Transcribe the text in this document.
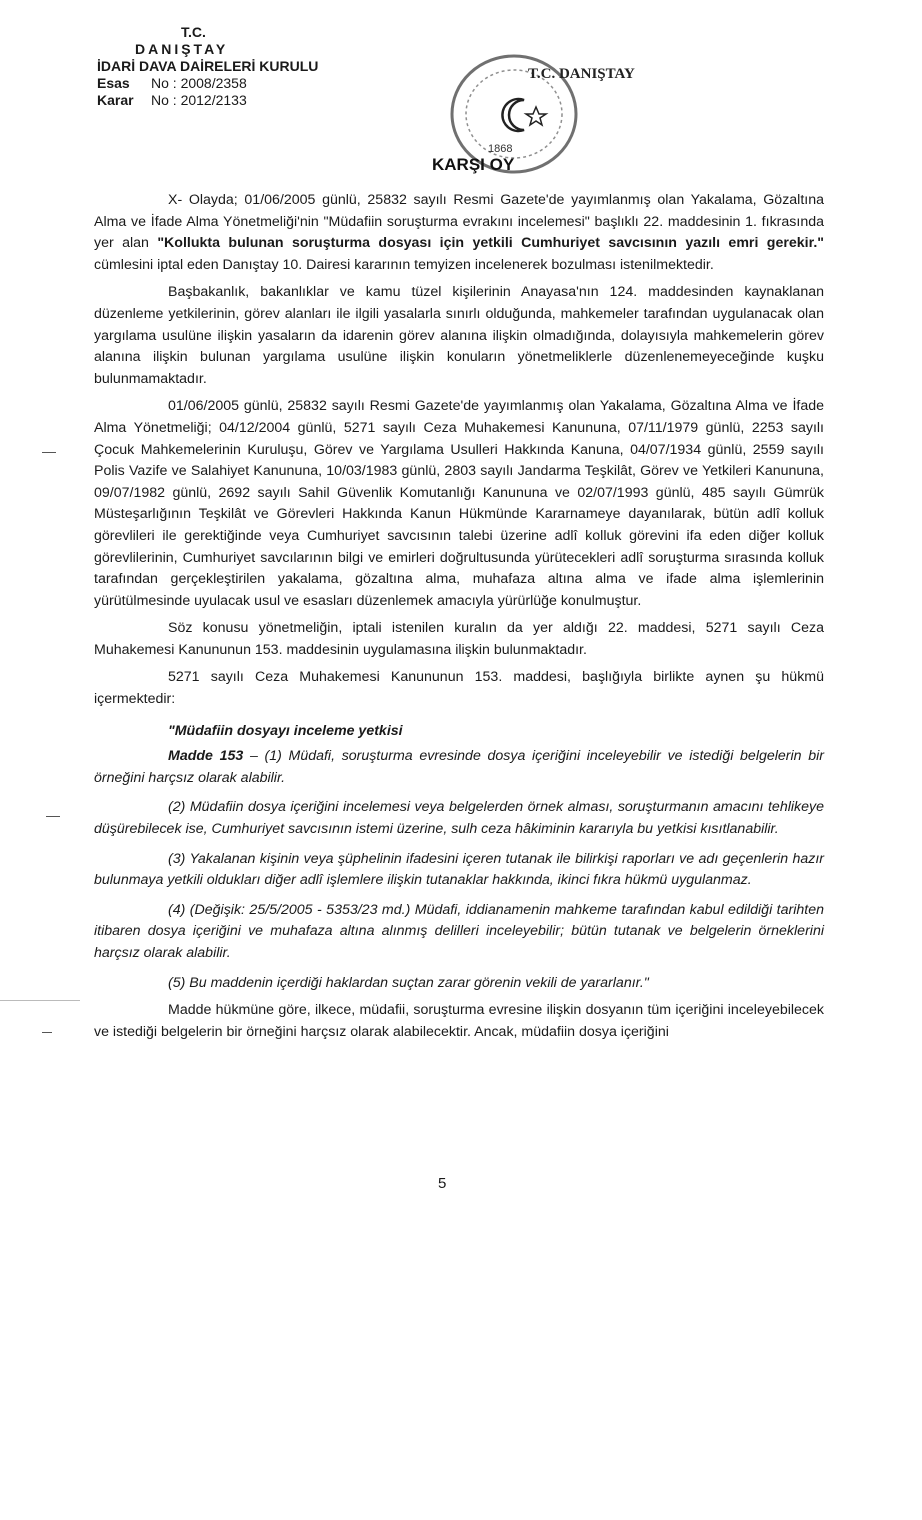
T.C.
DANIŞTAY
İDARİ DAVA DAİRELERİ KURULU
Esas	No : 2008/2358
Karar	No : 2012/2133
T.C. DANIŞTAY
1868
KARŞI OY

X- Olayda; 01/06/2005 günlü, 25832 sayılı Resmi Gazete'de yayımlanmış olan Yakalama, Gözaltına Alma ve İfade Alma Yönetmeliği'nin "Müdafiin soruşturma evrakını incelemesi" başlıklı 22. maddesinin 1. fıkrasında yer alan "Kollukta bulunan soruşturma dosyası için yetkili Cumhuriyet savcısının yazılı emri gerekir." cümlesini iptal eden Danıştay 10. Dairesi kararının temyizen incelenerek bozulması istenilmektedir.

Başbakanlık, bakanlıklar ve kamu tüzel kişilerinin Anayasa'nın 124. maddesinden kaynaklanan düzenleme yetkilerinin, görev alanları ile ilgili yasalarla sınırlı olduğunda, mahkemeler tarafından uygulanacak olan yargılama usulüne ilişkin yasaların da idarenin görev alanına ilişkin olmadığında, dolayısıyla mahkemelerin görev alanına ilişkin bulunan yargılama usulüne ilişkin konuların yönetmeliklerle düzenlenemeyeceğinde kuşku bulunmamaktadır.

01/06/2005 günlü, 25832 sayılı Resmi Gazete'de yayımlanmış olan Yakalama, Gözaltına Alma ve İfade Alma Yönetmeliği; 04/12/2004 günlü, 5271 sayılı Ceza Muhakemesi Kanununa, 07/11/1979 günlü, 2253 sayılı Çocuk Mahkemelerinin Kuruluşu, Görev ve Yargılama Usulleri Hakkında Kanuna, 04/07/1934 günlü, 2559 sayılı Polis Vazife ve Salahiyet Kanununa, 10/03/1983 günlü, 2803 sayılı Jandarma Teşkilât, Görev ve Yetkileri Kanununa, 09/07/1982 günlü, 2692 sayılı Sahil Güvenlik Komutanlığı Kanununa ve 02/07/1993 günlü, 485 sayılı Gümrük Müsteşarlığının Teşkilât ve Görevleri Hakkında Kanun Hükmünde Kararnameye dayanılarak, bütün adlî kolluk görevlileri ile gerektiğinde veya Cumhuriyet savcısının talebi üzerine adlî kolluk görevini ifa eden diğer kolluk görevlilerinin, Cumhuriyet savcılarının bilgi ve emirleri doğrultusunda yürütecekleri adlî soruşturma sırasında kolluk tarafından gerçekleştirilen yakalama, gözaltına alma, muhafaza altına alma ve ifade alma işlemlerinin yürütülmesinde uyulacak usul ve esasları düzenlemek amacıyla yürürlüğe konulmuştur.

Söz konusu yönetmeliğin, iptali istenilen kuralın da yer aldığı 22. maddesi, 5271 sayılı Ceza Muhakemesi Kanununun 153. maddesinin uygulamasına ilişkin bulunmaktadır.

5271 sayılı Ceza Muhakemesi Kanununun 153. maddesi, başlığıyla birlikte aynen şu hükmü içermektedir:

"Müdafiin dosyayı inceleme yetkisi

Madde 153 – (1) Müdafi, soruşturma evresinde dosya içeriğini inceleyebilir ve istediği belgelerin bir örneğini harçsız olarak alabilir.

(2) Müdafiin dosya içeriğini incelemesi veya belgelerden örnek alması, soruşturmanın amacını tehlikeye düşürebilecek ise, Cumhuriyet savcısının istemi üzerine, sulh ceza hâkiminin kararıyla bu yetkisi kısıtlanabilir.

(3) Yakalanan kişinin veya şüphelinin ifadesini içeren tutanak ile bilirkişi raporları ve adı geçenlerin hazır bulunmaya yetkili oldukları diğer adlî işlemlere ilişkin tutanaklar hakkında, ikinci fıkra hükmü uygulanmaz.

(4) (Değişik: 25/5/2005 - 5353/23 md.) Müdafi, iddianamenin mahkeme tarafından kabul edildiği tarihten itibaren dosya içeriğini ve muhafaza altına alınmış delilleri inceleyebilir; bütün tutanak ve belgelerin örneklerini harçsız olarak alabilir.

(5) Bu maddenin içerdiği haklardan suçtan zarar görenin vekili de yararlanır."

Madde hükmüne göre, ilkece, müdafii, soruşturma evresine ilişkin dosyanın tüm içeriğini inceleyebilecek ve istediği belgelerin bir örneğini harçsız olarak alabilecektir. Ancak, müdafiin dosya içeriğini

5
